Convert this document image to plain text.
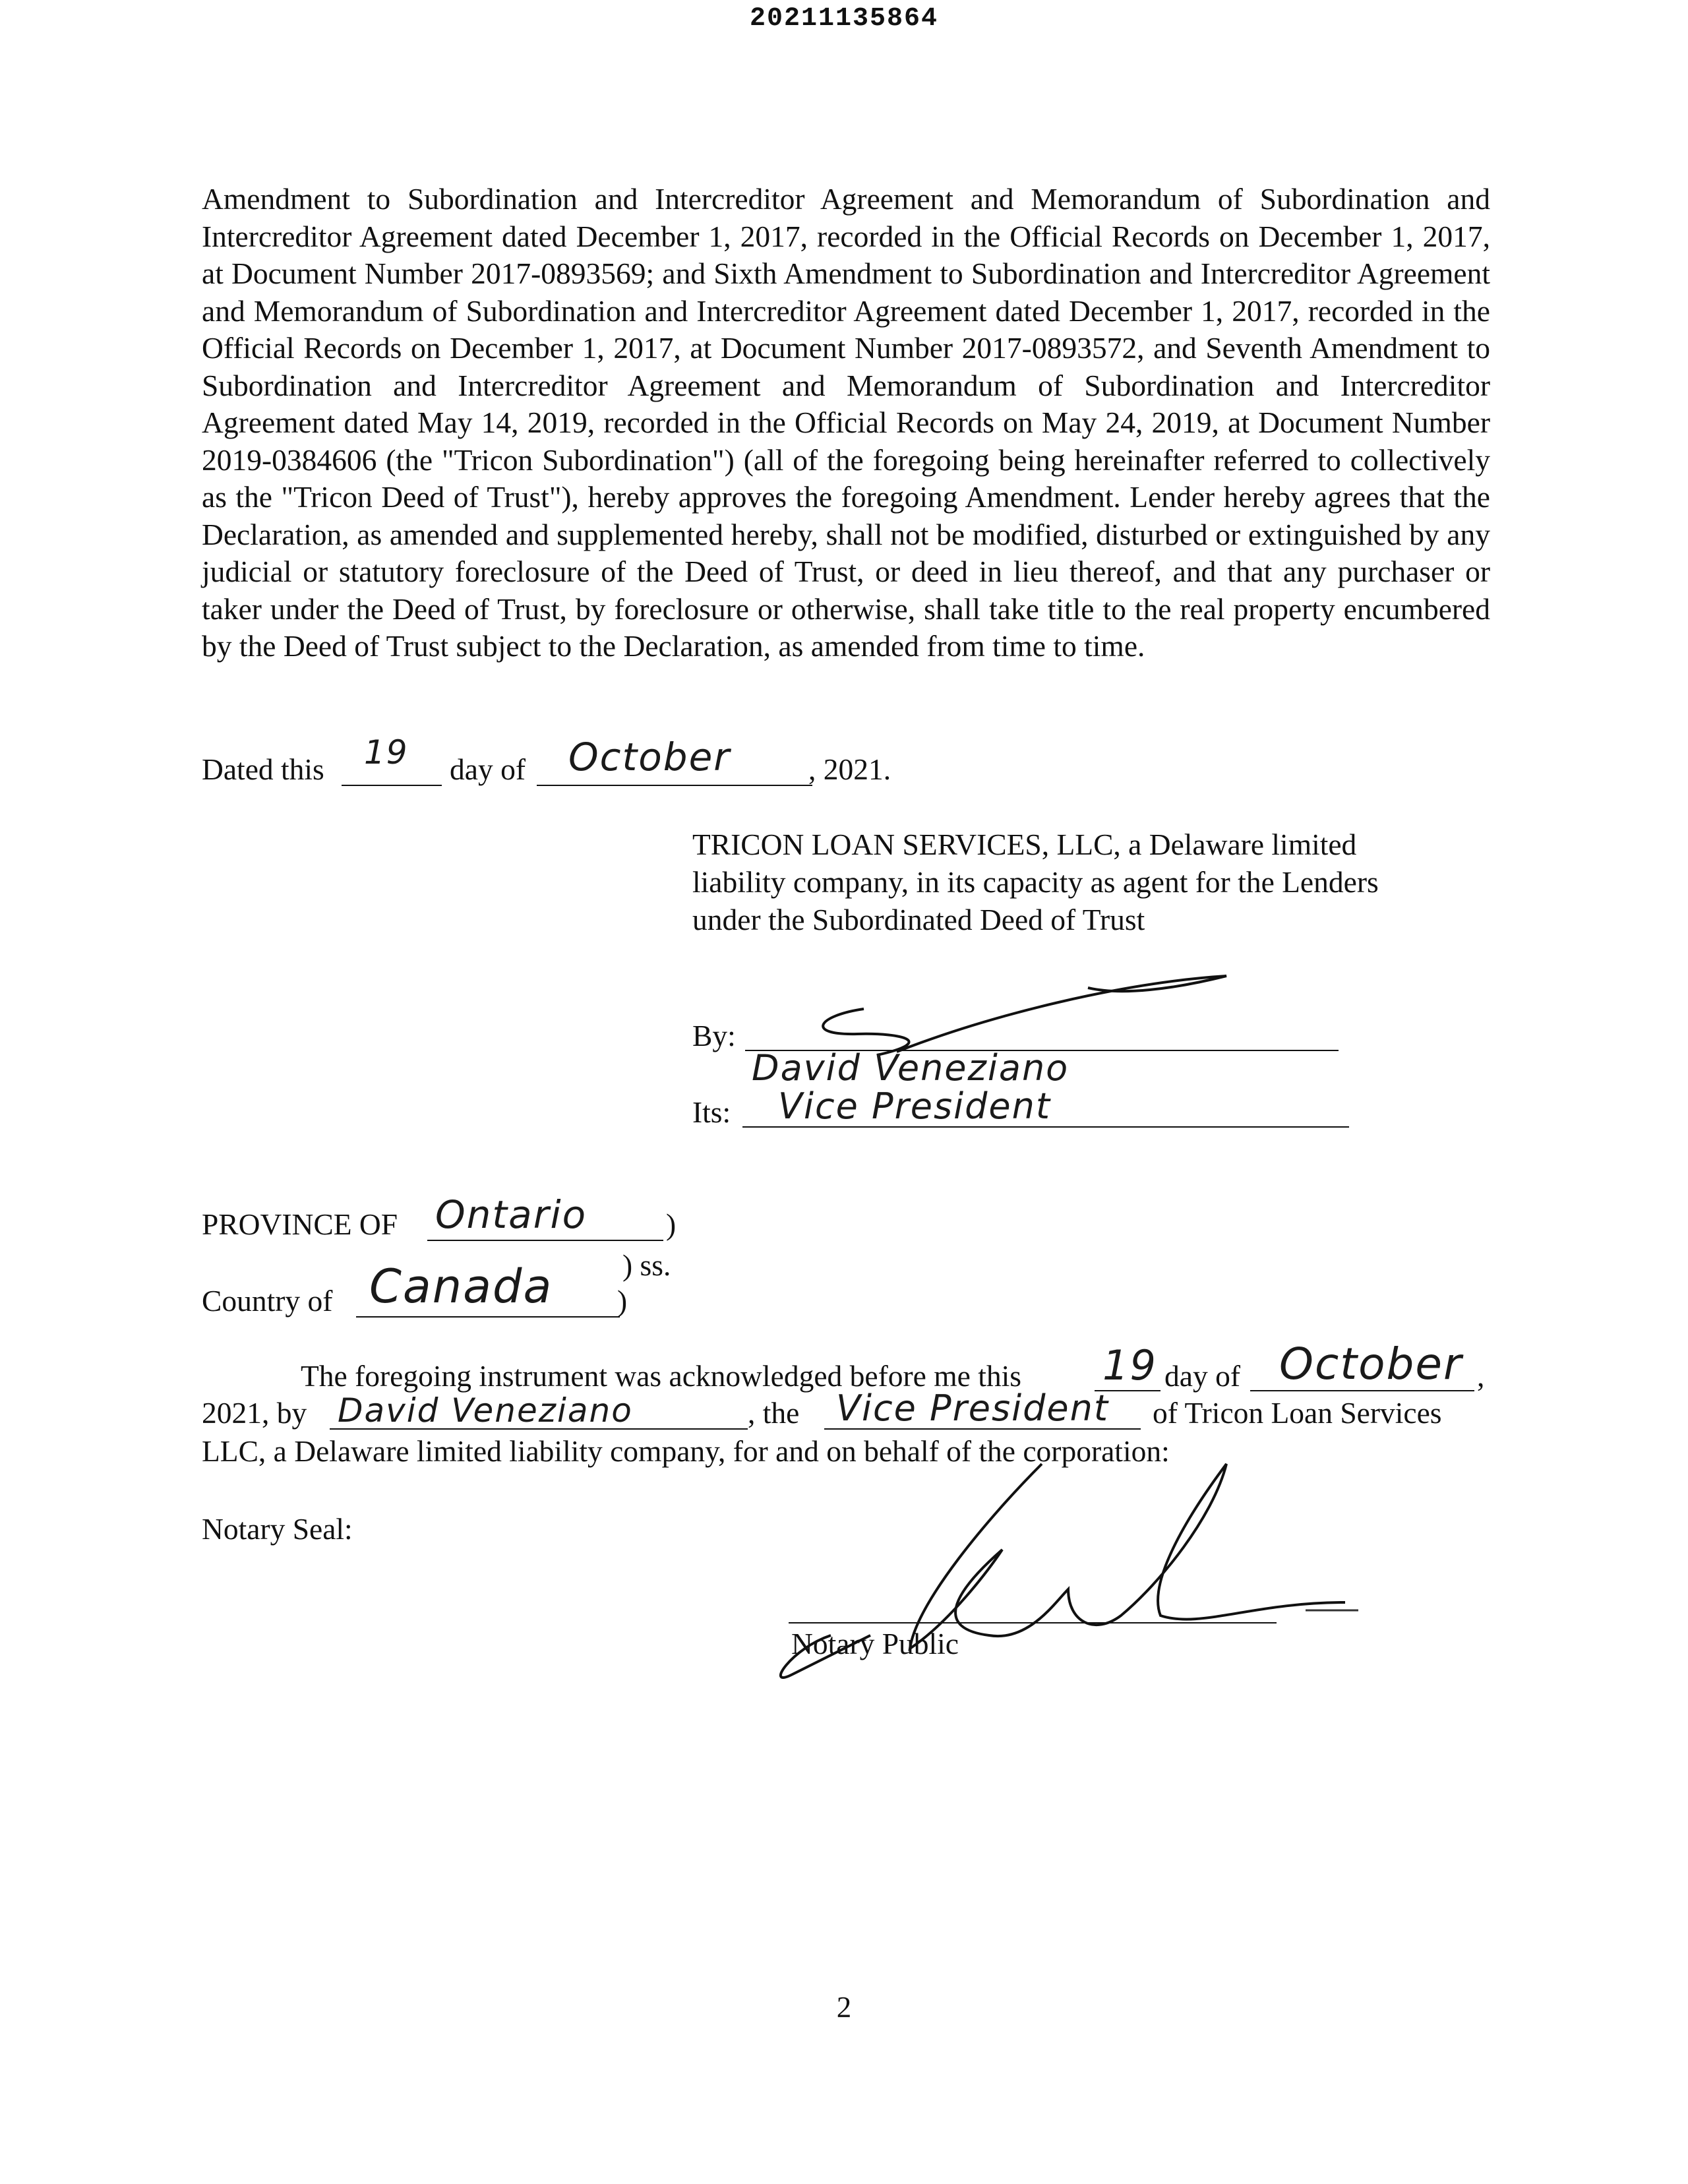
20211135864

Amendment to Subordination and Intercreditor Agreement and Memorandum of Subordination and Intercreditor Agreement dated December 1, 2017, recorded in the Official Records on December 1, 2017, at Document Number 2017-0893569; and Sixth Amendment to Subordination and Intercreditor Agreement and Memorandum of Subordination and Intercreditor Agreement dated December 1, 2017, recorded in the Official Records on December 1, 2017, at Document Number 2017-0893572, and Seventh Amendment to Subordination and Intercreditor Agreement and Memorandum of Subordination and Intercreditor Agreement dated May 14, 2019, recorded in the Official Records on May 24, 2019, at Document Number 2019-0384606 (the "Tricon Subordination") (all of the foregoing being hereinafter referred to collectively as the "Tricon Deed of Trust"), hereby approves the foregoing Amendment. Lender hereby agrees that the Declaration, as amended and supplemented hereby, shall not be modified, disturbed or extinguished by any judicial or statutory foreclosure of the Deed of Trust, or deed in lieu thereof, and that any purchaser or taker under the Deed of Trust, by foreclosure or otherwise, shall take title to the real property encumbered by the Deed of Trust subject to the Declaration, as amended from time to time.

Dated this 19 day of October	, 2021.
TRICON LOAN SERVICES, LLC, a Delaware limited
liability company, in its capacity as agent for the Lenders
under the Subordinated Deed of Trust
By:
David Veneziano
Its: Vice President
PROVINCE OF Ontario	)
) ss.
Country of Canada )
The foregoing instrument was acknowledged before me this 19 day of October ,
2021, by David Veneziano	, the Vice President of Tricon Loan Services
LLC, a Delaware limited liability company, for and on behalf of the corporation:
Notary Seal:
Notary Public
2
